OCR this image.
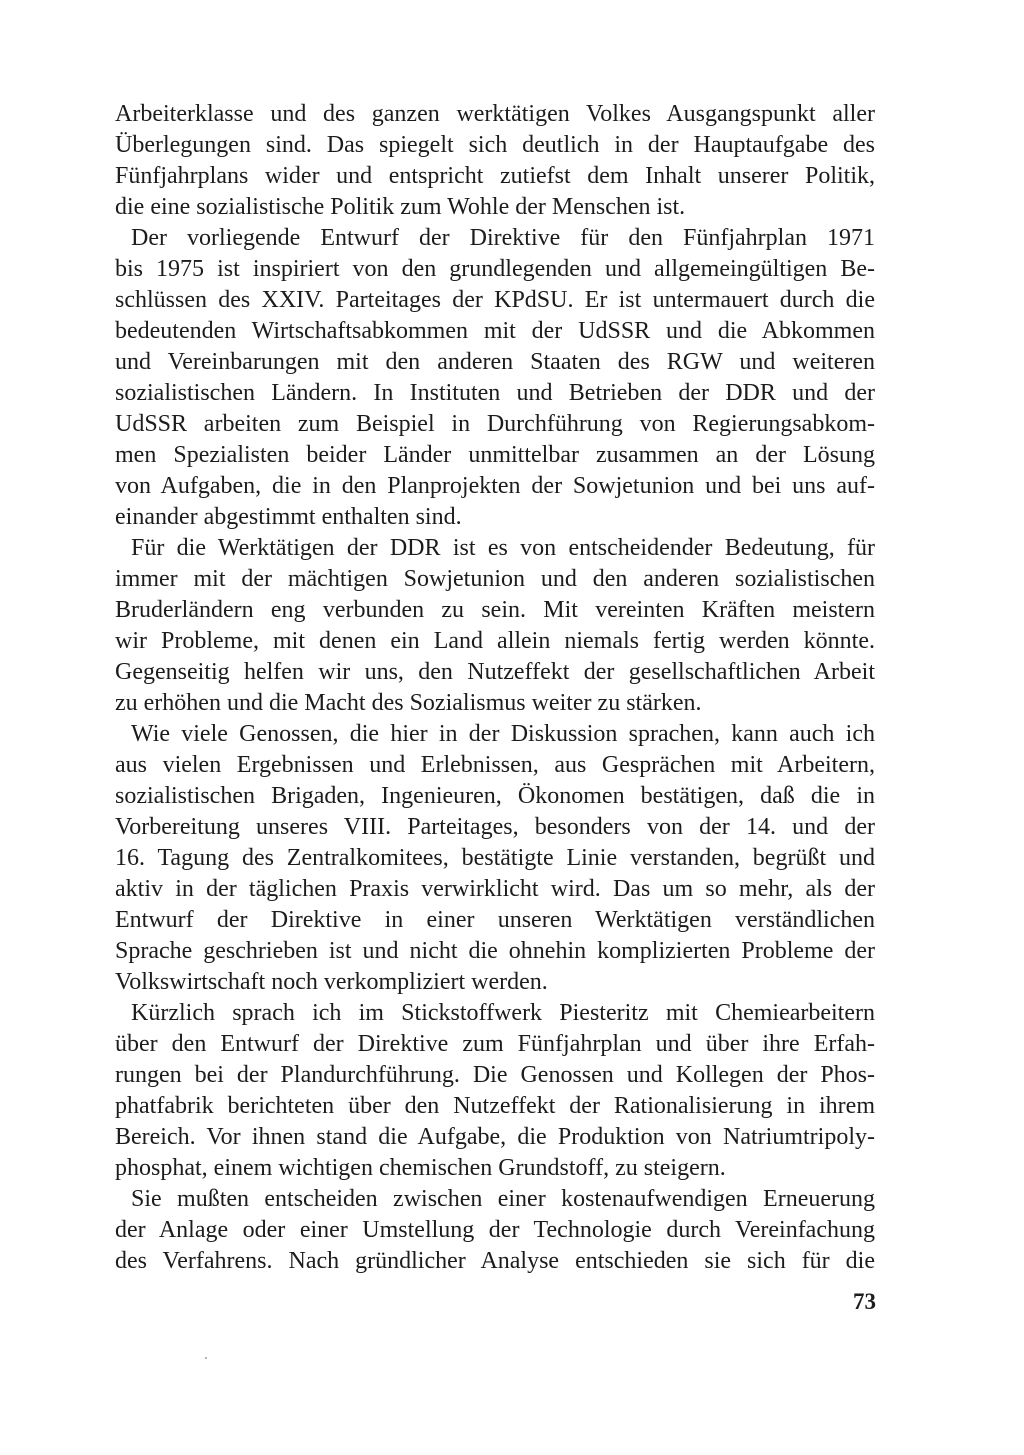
Arbeiterklasse und des ganzen werktätigen Volkes Ausgangspunkt aller
Überlegungen sind. Das spiegelt sich deutlich in der Hauptaufgabe des
Fünfjahrplans wider und entspricht zutiefst dem Inhalt unserer Politik,
die eine sozialistische Politik zum Wohle der Menschen ist.
Der vorliegende Entwurf der Direktive für den Fünfjahrplan 1971
bis 1975 ist inspiriert von den grundlegenden und allgemeingültigen Be-
schlüssen des XXIV. Parteitages der KPdSU. Er ist untermauert durch die
bedeutenden Wirtschaftsabkommen mit der UdSSR und die Abkommen
und Vereinbarungen mit den anderen Staaten des RGW und weiteren
sozialistischen Ländern. In Instituten und Betrieben der DDR und der
UdSSR arbeiten zum Beispiel in Durchführung von Regierungsabkom-
men Spezialisten beider Länder unmittelbar zusammen an der Lösung
von Aufgaben, die in den Planprojekten der Sowjetunion und bei uns auf-
einander abgestimmt enthalten sind.
Für die Werktätigen der DDR ist es von entscheidender Bedeutung, für
immer mit der mächtigen Sowjetunion und den anderen sozialistischen
Bruderländern eng verbunden zu sein. Mit vereinten Kräften meistern
wir Probleme, mit denen ein Land allein niemals fertig werden könnte.
Gegenseitig helfen wir uns, den Nutzeffekt der gesellschaftlichen Arbeit
zu erhöhen und die Macht des Sozialismus weiter zu stärken.
Wie viele Genossen, die hier in der Diskussion sprachen, kann auch ich
aus vielen Ergebnissen und Erlebnissen, aus Gesprächen mit Arbeitern,
sozialistischen Brigaden, Ingenieuren, Ökonomen bestätigen, daß die in
Vorbereitung unseres VIII. Parteitages, besonders von der 14. und der
16. Tagung des Zentralkomitees, bestätigte Linie verstanden, begrüßt und
aktiv in der täglichen Praxis verwirklicht wird. Das um so mehr, als der
Entwurf der Direktive in einer unseren Werktätigen verständlichen
Sprache geschrieben ist und nicht die ohnehin komplizierten Probleme der
Volkswirtschaft noch verkompliziert werden.
Kürzlich sprach ich im Stickstoffwerk Piesteritz mit Chemiearbeitern
über den Entwurf der Direktive zum Fünfjahrplan und über ihre Erfah-
rungen bei der Plandurchführung. Die Genossen und Kollegen der Phos-
phatfabrik berichteten über den Nutzeffekt der Rationalisierung in ihrem
Bereich. Vor ihnen stand die Aufgabe, die Produktion von Natriumtripoly-
phosphat, einem wichtigen chemischen Grundstoff, zu steigern.
Sie mußten entscheiden zwischen einer kostenaufwendigen Erneuerung
der Anlage oder einer Umstellung der Technologie durch Vereinfachung
des Verfahrens. Nach gründlicher Analyse entschieden sie sich für die
73
